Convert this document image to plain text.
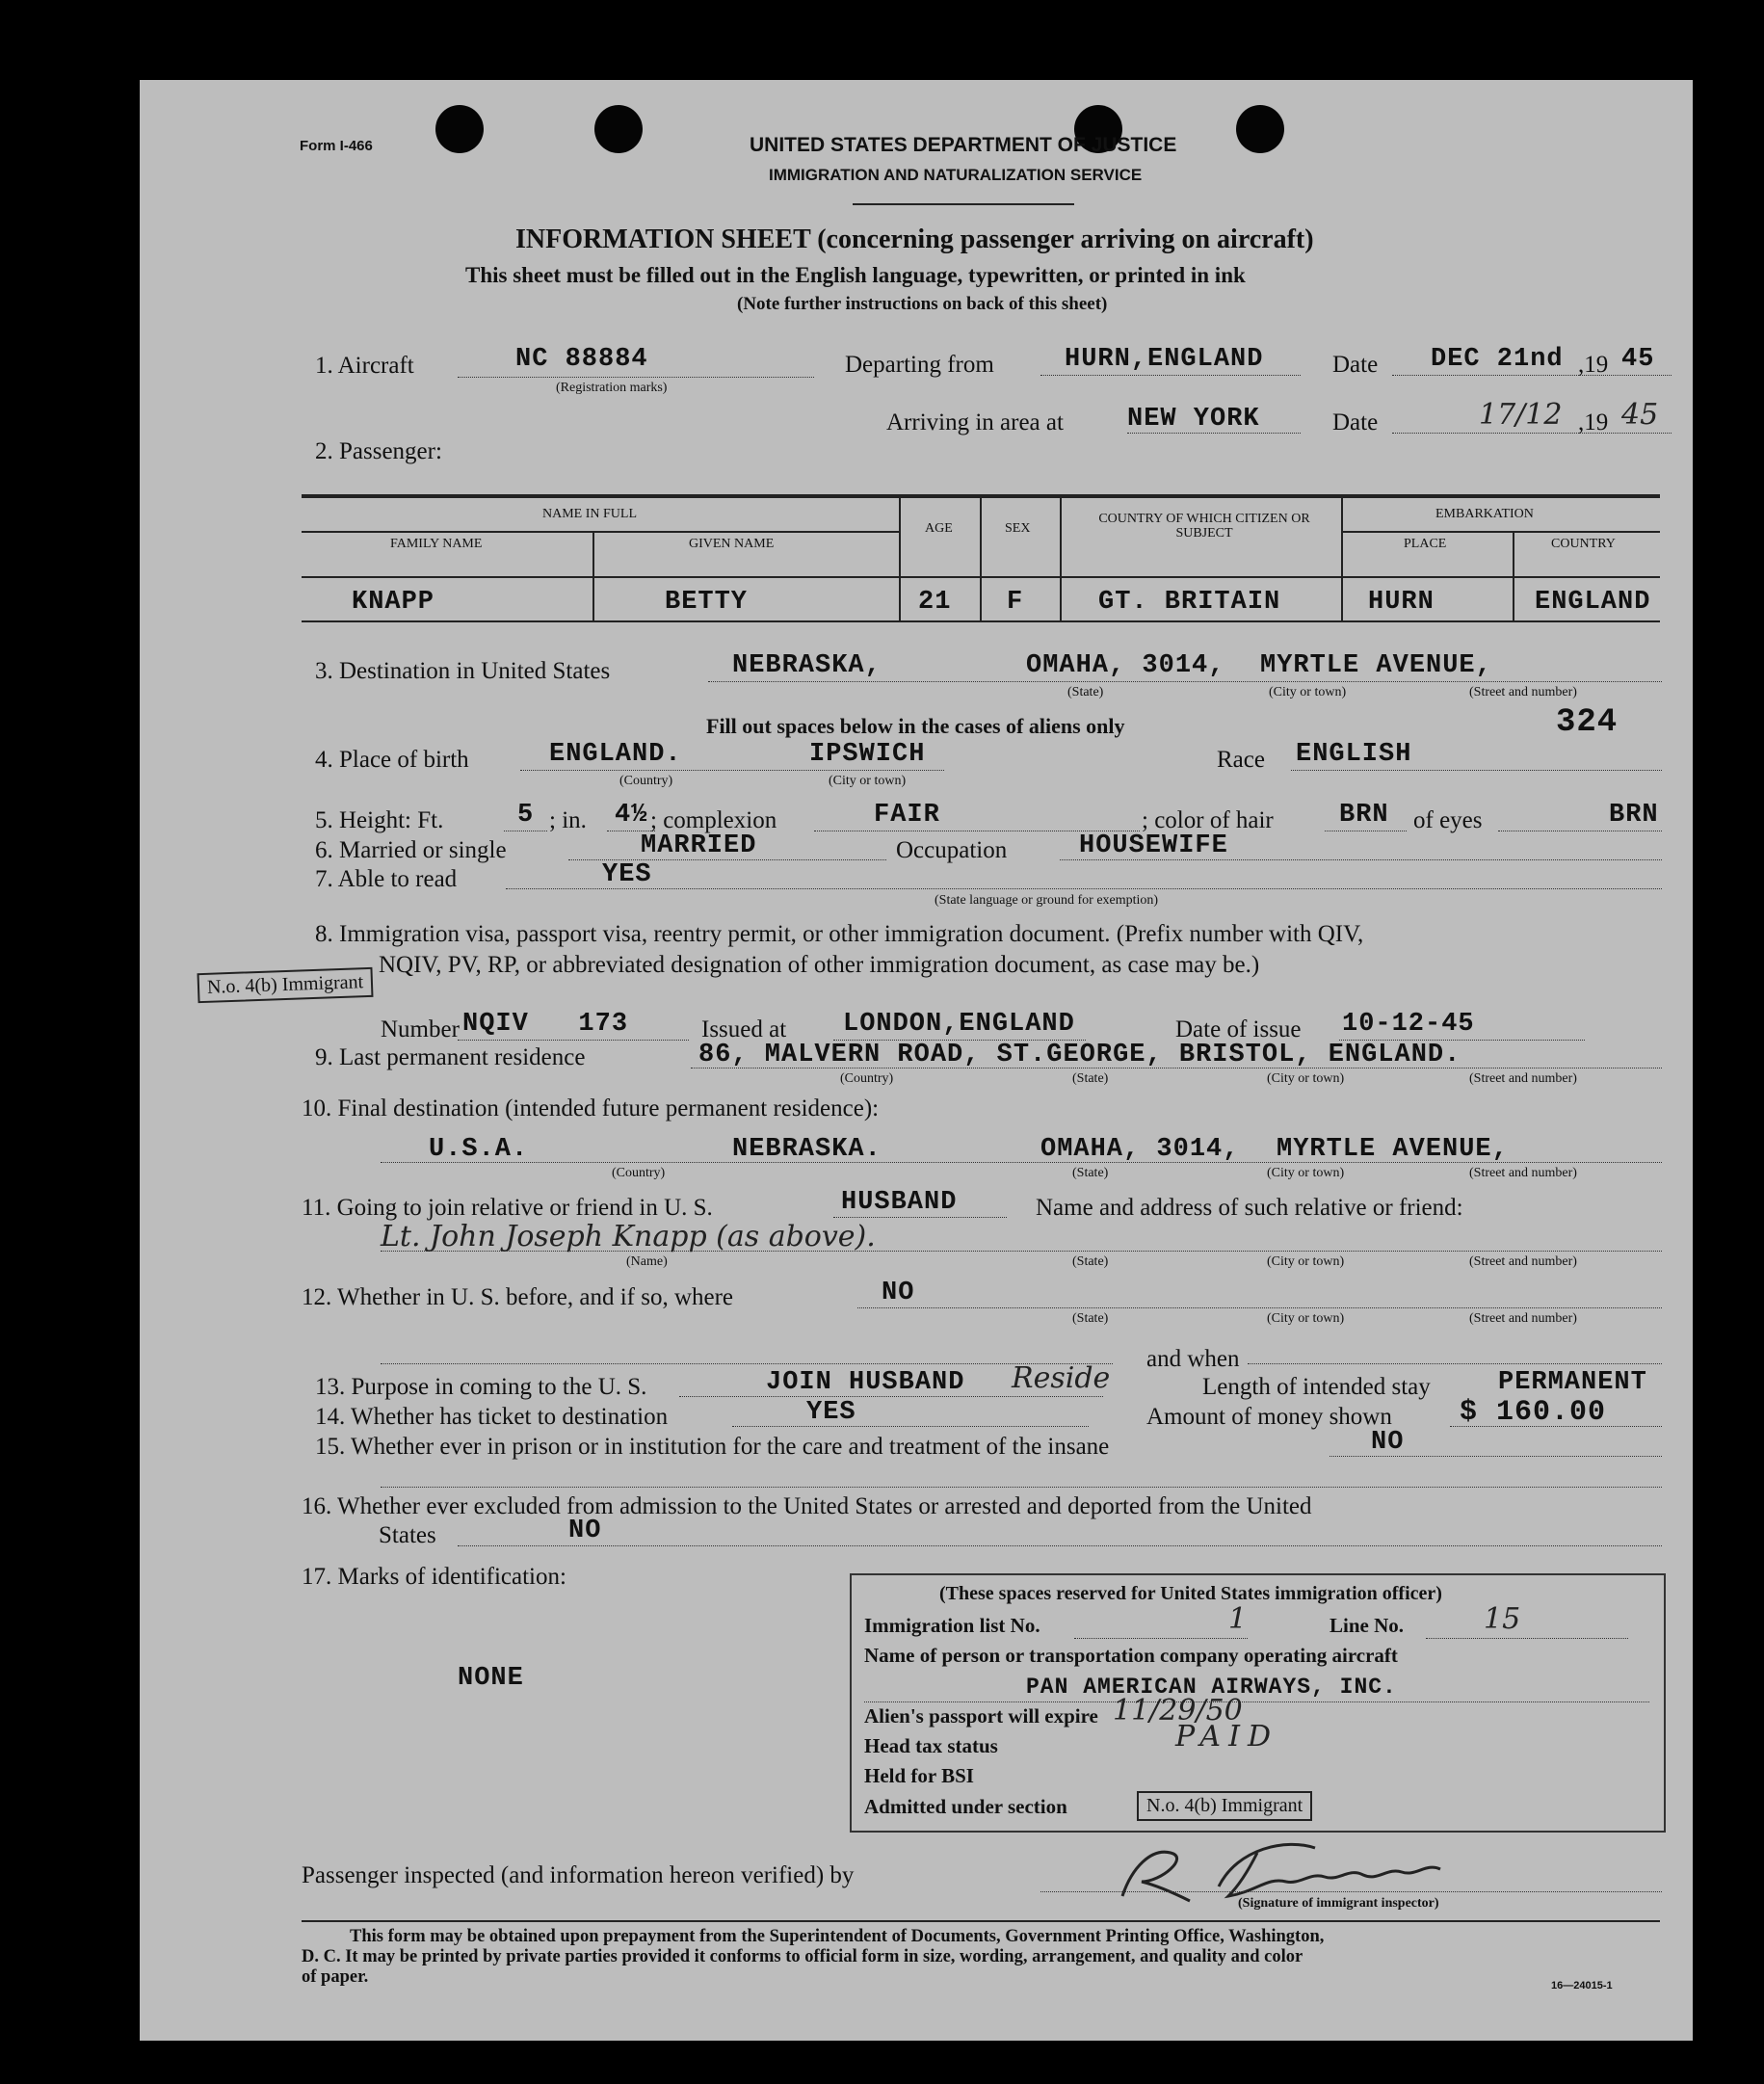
Form I-466	UNITED STATES DEPARTMENT OF JUSTICE
IMMIGRATION AND NATURALIZATION SERVICE
INFORMATION SHEET (concerning passenger arriving on aircraft)
This sheet must be filled out in the English language, typewritten, or printed in ink
(Note further instructions on back of this sheet)
1. Aircraft	NC 88884
(Registration marks)
Departing from	HURN,ENGLAND	Date DEC 21nd ,19 45
Arriving in area at NEW YORK	Date	17/12 ,19 45
2. Passenger:
NAME IN FULL
FAMILY NAME	GIVEN NAME
AGE	SEX
COUNTRY OF WHICH CITIZEN OR SUBJECT
EMBARKATION
PLACE	COUNTRY
KNAPP	BETTY	21 F	GT. BRITAIN	HURN	ENGLAND
3. Destination in United States	NEBRASKA,	OMAHA, 3014, MYRTLE AVENUE,
(State)	(City or town)	(Street and number)
Fill out spaces below in the cases of aliens only	324
4. Place of birth	ENGLAND.	IPSWICH
(Country)	(City or town)
Race ENGLISH
5. Height: Ft.	5 ; in. 4½ ; complexion	FAIR	; color of hair	BRN of eyes	BRN
6. Married or single	MARRIED	Occupation	HOUSEWIFE
7. Able to read	YES
(State language or ground for exemption)
8. Immigration visa, passport visa, reentry permit, or other immigration document. (Prefix number with QIV,
NQIV, PV, RP, or abbreviated designation of other immigration document, as case may be.)
N.o. 4(b) Immigrant
Number NQIV   173	Issued at LONDON,ENGLAND	Date of issue 10-12-45
9. Last permanent residence	86, MALVERN ROAD, ST.GEORGE, BRISTOL, ENGLAND.
(Country)	(State)	(City or town)	(Street and number)
10. Final destination (intended future permanent residence):
U.S.A.	NEBRASKA.	OMAHA, 3014, MYRTLE AVENUE,
(Country)	(State)	(City or town)	(Street and number)
11. Going to join relative or friend in U. S.	HUSBAND	Name and address of such relative or friend:
Lt. John Joseph Knapp (as above).
(Name)	(State)	(City or town)	(Street and number)
12. Whether in U. S. before, and if so, where	NO
(State)	(City or town)	(Street and number)
and when
13. Purpose in coming to the U. S.	JOIN HUSBAND Reside	Length of intended stay	PERMANENT
14. Whether has ticket to destination	YES	Amount of money shown $ 160.00
15. Whether ever in prison or in institution for the care and treatment of the insane	NO
16. Whether ever excluded from admission to the United States or arrested and deported from the United
States	NO
17. Marks of identification:
NONE
(These spaces reserved for United States immigration officer)
Immigration list No.	1	Line No.	15
Name of person or transportation company operating aircraft
PAN AMERICAN AIRWAYS, INC.
Alien's passport will expire 11/29/50
Head tax status	PAID
Held for BSI
Admitted under section	N.o. 4(b) Immigrant
Passenger inspected (and information hereon verified) by
(Signature of immigrant inspector)
This form may be obtained upon prepayment from the Superintendent of Documents, Government Printing Office, Washington,
D. C. It may be printed by private parties provided it conforms to official form in size, wording, arrangement, and quality and color
of paper.	16—24015-1
